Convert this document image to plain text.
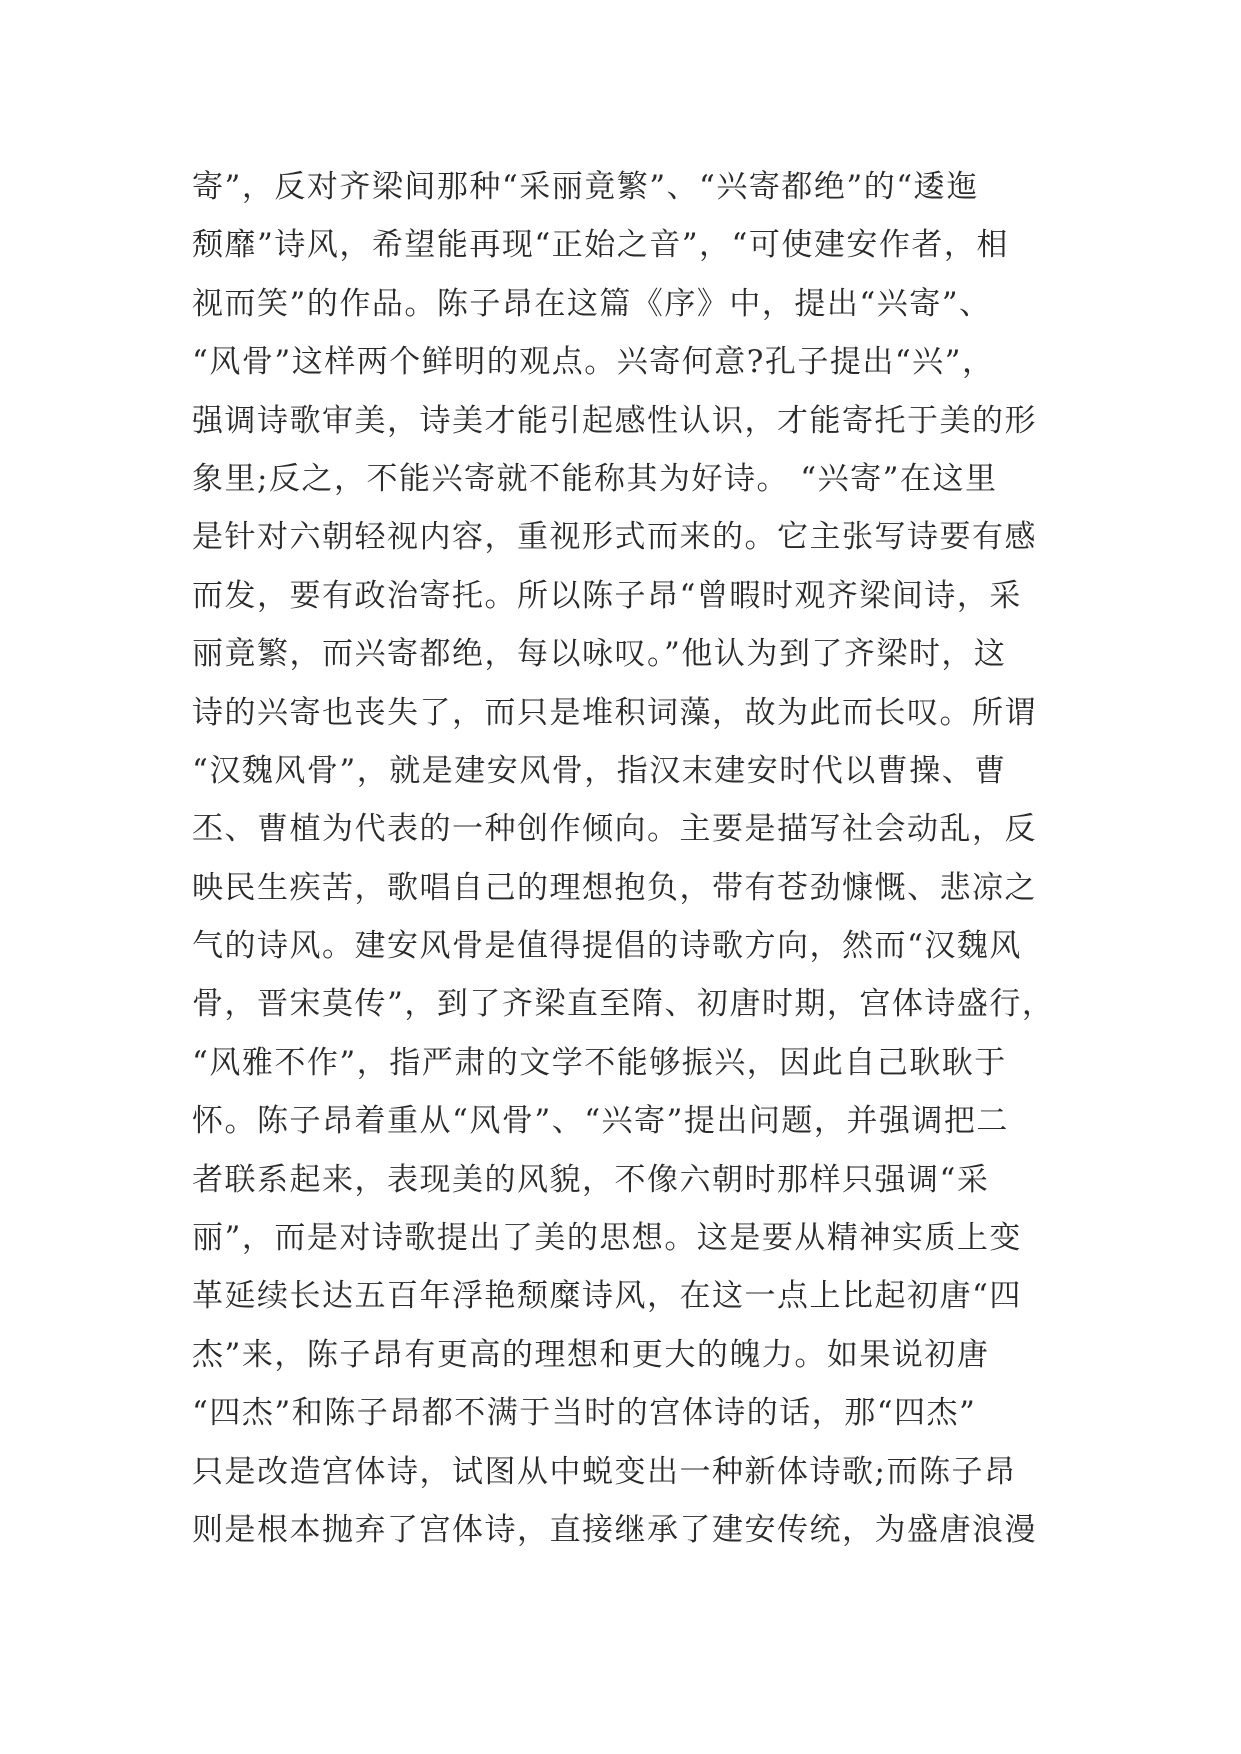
寄”，反对齐梁间那种“采丽竟繁”、“兴寄都绝”的“逶迤
颓靡”诗风，希望能再现“正始之音”，“可使建安作者，相
视而笑”的作品。陈子昂在这篇《序》中，提出“兴寄”、
“风骨”这样两个鲜明的观点。兴寄何意?孔子提出“兴”，
强调诗歌审美，诗美才能引起感性认识，才能寄托于美的形
象里;反之，不能兴寄就不能称其为好诗。 “兴寄”在这里
是针对六朝轻视内容，重视形式而来的。它主张写诗要有感
而发，要有政治寄托。所以陈子昂“曾暇时观齐梁间诗，采
丽竟繁，而兴寄都绝，每以咏叹。”他认为到了齐梁时，这
诗的兴寄也丧失了，而只是堆积词藻，故为此而长叹。所谓
“汉魏风骨”，就是建安风骨，指汉末建安时代以曹操、曹
丕、曹植为代表的一种创作倾向。主要是描写社会动乱，反
映民生疾苦，歌唱自己的理想抱负，带有苍劲慷慨、悲凉之
气的诗风。建安风骨是值得提倡的诗歌方向，然而“汉魏风
骨，晋宋莫传”，到了齐梁直至隋、初唐时期，宫体诗盛行，
“风雅不作”，指严肃的文学不能够振兴，因此自己耿耿于
怀。陈子昂着重从“风骨”、“兴寄”提出问题，并强调把二
者联系起来，表现美的风貌，不像六朝时那样只强调“采
丽”，而是对诗歌提出了美的思想。这是要从精神实质上变
革延续长达五百年浮艳颓糜诗风，在这一点上比起初唐“四
杰”来，陈子昂有更高的理想和更大的魄力。如果说初唐
“四杰”和陈子昂都不满于当时的宫体诗的话，那“四杰”
只是改造宫体诗，试图从中蜕变出一种新体诗歌;而陈子昂
则是根本抛弃了宫体诗，直接继承了建安传统，为盛唐浪漫
